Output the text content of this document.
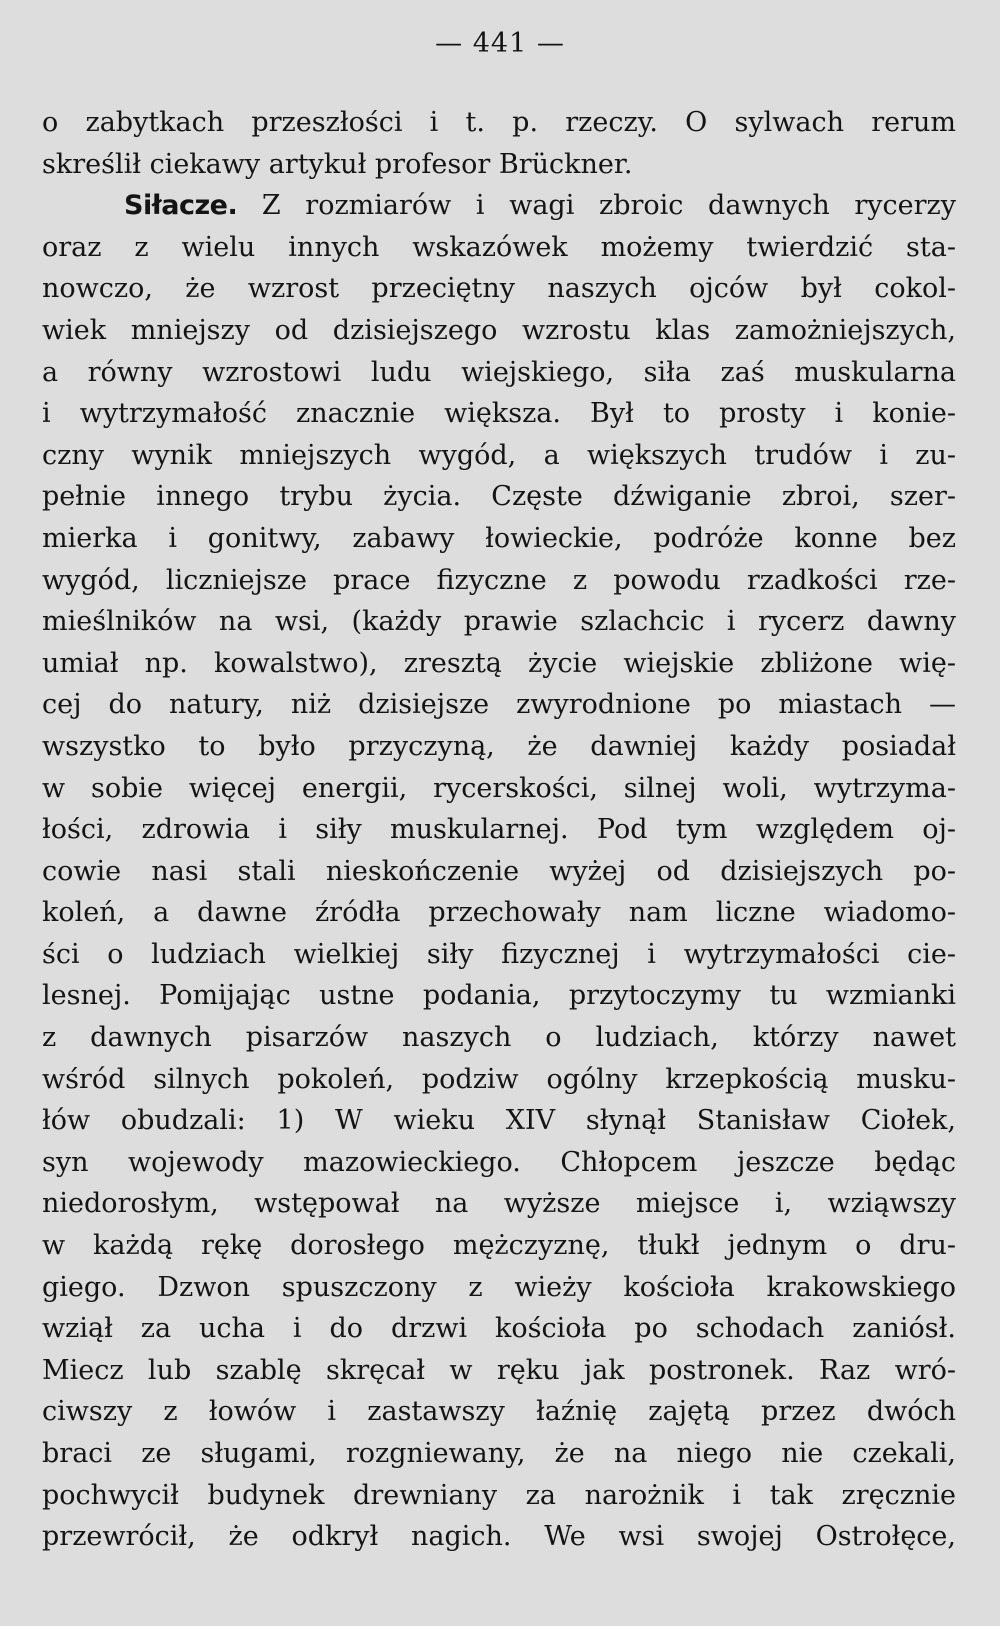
— 441 —
o zabytkach przeszłości i t. p. rzeczy. O sylwach rerum
skreślił ciekawy artykuł profesor Brückner.
Siłacze. Z rozmiarów i wagi zbroic dawnych rycerzy
oraz z wielu innych wskazówek możemy twierdzić sta-
nowczo, że wzrost przeciętny naszych ojców był cokol-
wiek mniejszy od dzisiejszego wzrostu klas zamożniejszych,
a równy wzrostowi ludu wiejskiego, siła zaś muskularna
i wytrzymałość znacznie większa. Był to prosty i konie-
czny wynik mniejszych wygód, a większych trudów i zu-
pełnie innego trybu życia. Częste dźwiganie zbroi, szer-
mierka i gonitwy, zabawy łowieckie, podróże konne bez
wygód, liczniejsze prace fizyczne z powodu rzadkości rze-
mieślników na wsi, (każdy prawie szlachcic i rycerz dawny
umiał np. kowalstwo), zresztą życie wiejskie zbliżone wię-
cej do natury, niż dzisiejsze zwyrodnione po miastach —
wszystko to było przyczyną, że dawniej każdy posiadał
w sobie więcej energii, rycerskości, silnej woli, wytrzyma-
łości, zdrowia i siły muskularnej. Pod tym względem oj-
cowie nasi stali nieskończenie wyżej od dzisiejszych po-
koleń, a dawne źródła przechowały nam liczne wiadomo-
ści o ludziach wielkiej siły fizycznej i wytrzymałości cie-
lesnej. Pomijając ustne podania, przytoczymy tu wzmianki
z dawnych pisarzów naszych o ludziach, którzy nawet
wśród silnych pokoleń, podziw ogólny krzepkością musku-
łów obudzali: 1) W wieku XIV słynął Stanisław Ciołek,
syn wojewody mazowieckiego. Chłopcem jeszcze będąc
niedorosłym, wstępował na wyższe miejsce i, wziąwszy
w każdą rękę dorosłego mężczyznę, tłukł jednym o dru-
giego. Dzwon spuszczony z wieży kościoła krakowskiego
wziął za ucha i do drzwi kościoła po schodach zaniósł.
Miecz lub szablę skręcał w ręku jak postronek. Raz wró-
ciwszy z łowów i zastawszy łaźnię zajętą przez dwóch
braci ze sługami, rozgniewany, że na niego nie czekali,
pochwycił budynek drewniany za narożnik i tak zręcznie
przewrócił, że odkrył nagich. We wsi swojej Ostrołęce,
